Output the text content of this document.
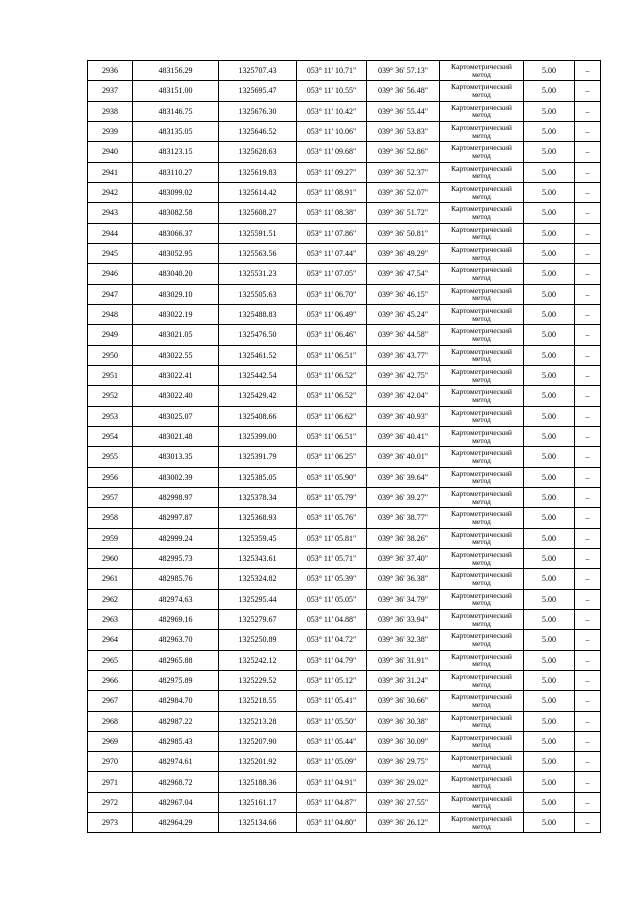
2936	483156.29	1325707.43	053° 11' 10.71"	039° 36' 57.13"	Картометрический метод	5.00	–
2937	483151.00	1325695.47	053° 11' 10.55"	039° 36' 56.48"	Картометрический метод	5.00	–
2938	483146.75	1325676.30	053° 11' 10.42"	039° 36' 55.44"	Картометрический метод	5.00	–
2939	483135.05	1325646.52	053° 11' 10.06"	039° 36' 53.83"	Картометрический метод	5.00	–
2940	483123.15	1325628.63	053° 11' 09.68"	039° 36' 52.86"	Картометрический метод	5.00	–
2941	483110.27	1325619.83	053° 11' 09.27"	039° 36' 52.37"	Картометрический метод	5.00	–
2942	483099.02	1325614.42	053° 11' 08.91"	039° 36' 52.07"	Картометрический метод	5.00	–
2943	483082.58	1325608.27	053° 11' 08.38"	039° 36' 51.72"	Картометрический метод	5.00	–
2944	483066.37	1325591.51	053° 11' 07.86"	039° 36' 50.81"	Картометрический метод	5.00	–
2945	483052.95	1325563.56	053° 11' 07.44"	039° 36' 49.29"	Картометрический метод	5.00	–
2946	483040.20	1325531.23	053° 11' 07.05"	039° 36' 47.54"	Картометрический метод	5.00	–
2947	483029.10	1325505.63	053° 11' 06.70"	039° 36' 46.15"	Картометрический метод	5.00	–
2948	483022.19	1325488.83	053° 11' 06.49"	039° 36' 45.24"	Картометрический метод	5.00	–
2949	483021.05	1325476.50	053° 11' 06.46"	039° 36' 44.58"	Картометрический метод	5.00	–
2950	483022.55	1325461.52	053° 11' 06.51"	039° 36' 43.77"	Картометрический метод	5.00	–
2951	483022.41	1325442.54	053° 11' 06.52"	039° 36' 42.75"	Картометрический метод	5.00	–
2952	483022.40	1325429.42	053° 11' 06.52"	039° 36' 42.04"	Картометрический метод	5.00	–
2953	483025.07	1325408.66	053° 11' 06.62"	039° 36' 40.93"	Картометрический метод	5.00	–
2954	483021.48	1325399.00	053° 11' 06.51"	039° 36' 40.41"	Картометрический метод	5.00	–
2955	483013.35	1325391.79	053° 11' 06.25"	039° 36' 40.01"	Картометрический метод	5.00	–
2956	483002.39	1325385.05	053° 11' 05.90"	039° 36' 39.64"	Картометрический метод	5.00	–
2957	482998.97	1325378.34	053° 11' 05.79"	039° 36' 39.27"	Картометрический метод	5.00	–
2958	482997.87	1325368.93	053° 11' 05.76"	039° 36' 38.77"	Картометрический метод	5.00	–
2959	482999.24	1325359.45	053° 11' 05.81"	039° 36' 38.26"	Картометрический метод	5.00	–
2960	482995.73	1325343.61	053° 11' 05.71"	039° 36' 37.40"	Картометрический метод	5.00	–
2961	482985.76	1325324.82	053° 11' 05.39"	039° 36' 36.38"	Картометрический метод	5.00	–
2962	482974.63	1325295.44	053° 11' 05.05"	039° 36' 34.79"	Картометрический метод	5.00	–
2963	482969.16	1325279.67	053° 11' 04.88"	039° 36' 33.94"	Картометрический метод	5.00	–
2964	482963.70	1325250.89	053° 11' 04.72"	039° 36' 32.38"	Картометрический метод	5.00	–
2965	482965.88	1325242.12	053° 11' 04.79"	039° 36' 31.91"	Картометрический метод	5.00	–
2966	482975.89	1325229.52	053° 11' 05.12"	039° 36' 31.24"	Картометрический метод	5.00	–
2967	482984.70	1325218.55	053° 11' 05.41"	039° 36' 30.66"	Картометрический метод	5.00	–
2968	482987.22	1325213.28	053° 11' 05.50"	039° 36' 30.38"	Картометрический метод	5.00	–
2969	482985.43	1325207.90	053° 11' 05.44"	039° 36' 30.09"	Картометрический метод	5.00	–
2970	482974.61	1325201.92	053° 11' 05.09"	039° 36' 29.75"	Картометрический метод	5.00	–
2971	482968.72	1325188.36	053° 11' 04.91"	039° 36' 29.02"	Картометрический метод	5.00	–
2972	482967.04	1325161.17	053° 11' 04.87"	039° 36' 27.55"	Картометрический метод	5.00	–
2973	482964.29	1325134.66	053° 11' 04.80"	039° 36' 26.12"	Картометрический метод	5.00	–
